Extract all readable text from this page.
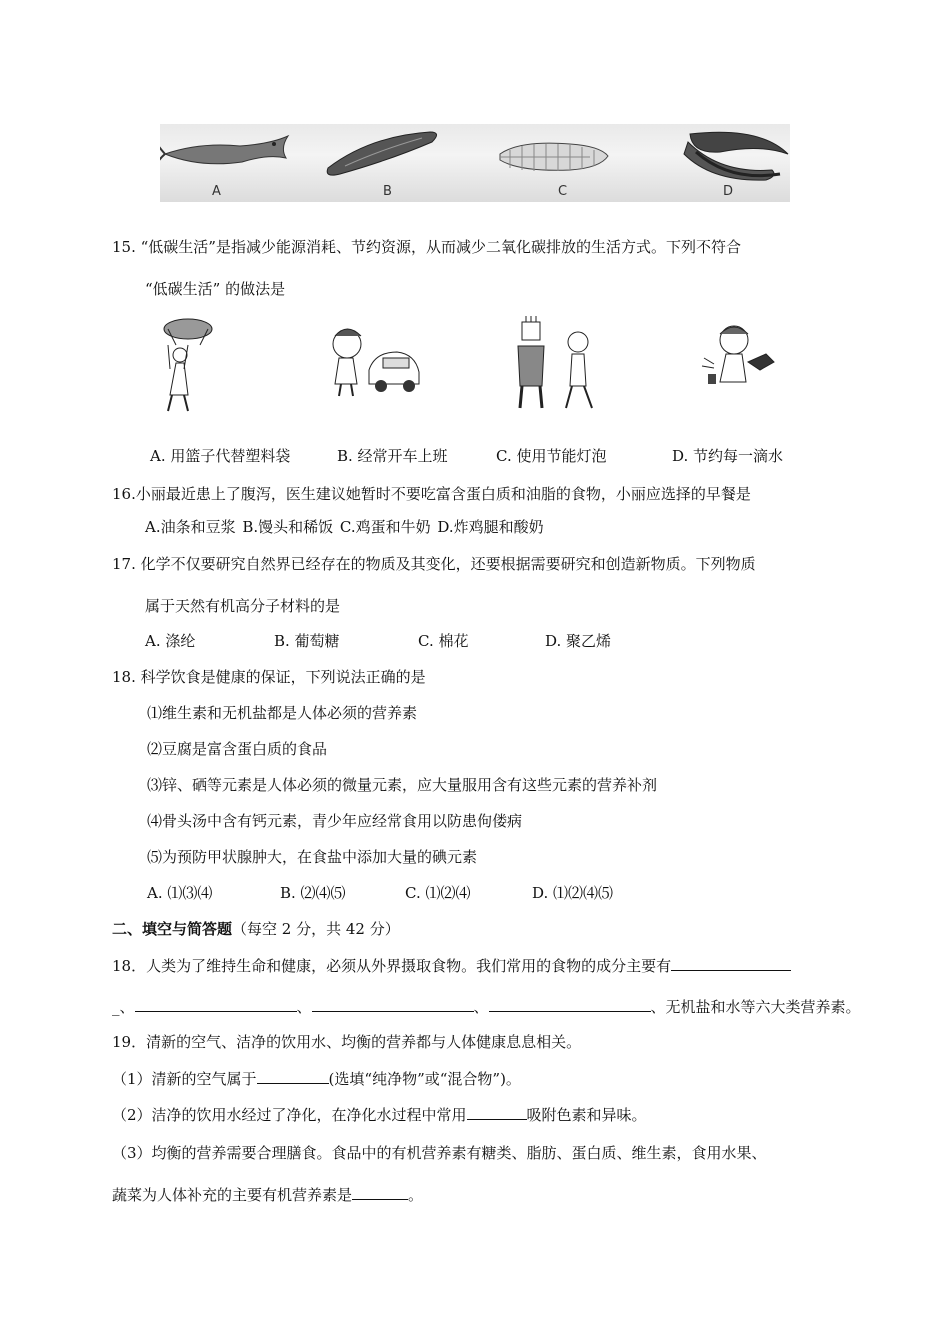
A	B	C	D
15. “低碳生活”是指减少能源消耗、节约资源，从而减少二氧化碳排放的生活方式。下列不符合
“低碳生活” 的做法是
A. 用篮子代替塑料袋	B. 经常开车上班	C. 使用节能灯泡	D. 节约每一滴水
16.小丽最近患上了腹泻，医生建议她暂时不要吃富含蛋白质和油脂的食物，小丽应选择的早餐是
A.油条和豆浆 B.馒头和稀饭 C.鸡蛋和牛奶 D.炸鸡腿和酸奶
17. 化学不仅要研究自然界已经存在的物质及其变化，还要根据需要研究和创造新物质。下列物质
属于天然有机高分子材料的是
A. 涤纶	B. 葡萄糖	C. 棉花	D. 聚乙烯
18. 科学饮食是健康的保证，下列说法正确的是
⑴维生素和无机盐都是人体必须的营养素
⑵豆腐是富含蛋白质的食品
⑶锌、硒等元素是人体必须的微量元素，应大量服用含有这些元素的营养补剂
⑷骨头汤中含有钙元素，青少年应经常食用以防患佝偻病
⑸为预防甲状腺肿大，在食盐中添加大量的碘元素
A. ⑴⑶⑷	B. ⑵⑷⑸	C. ⑴⑵⑷	D. ⑴⑵⑷⑸
二、填空与简答题（每空 2 分，共 42 分）
18．人类为了维持生命和健康，必须从外界摄取食物。我们常用的食物的成分主要有
_、	、	、	、无机盐和水等六大类营养素。
19．清新的空气、洁净的饮用水、均衡的营养都与人体健康息息相关。
（1）清新的空气属于	(选填“纯净物”或“混合物”)。
（2）洁净的饮用水经过了净化，在净化水过程中常用	吸附色素和异味。
（3）均衡的营养需要合理膳食。食品中的有机营养素有糖类、脂肪、蛋白质、维生素，食用水果、
蔬菜为人体补充的主要有机营养素是	。
